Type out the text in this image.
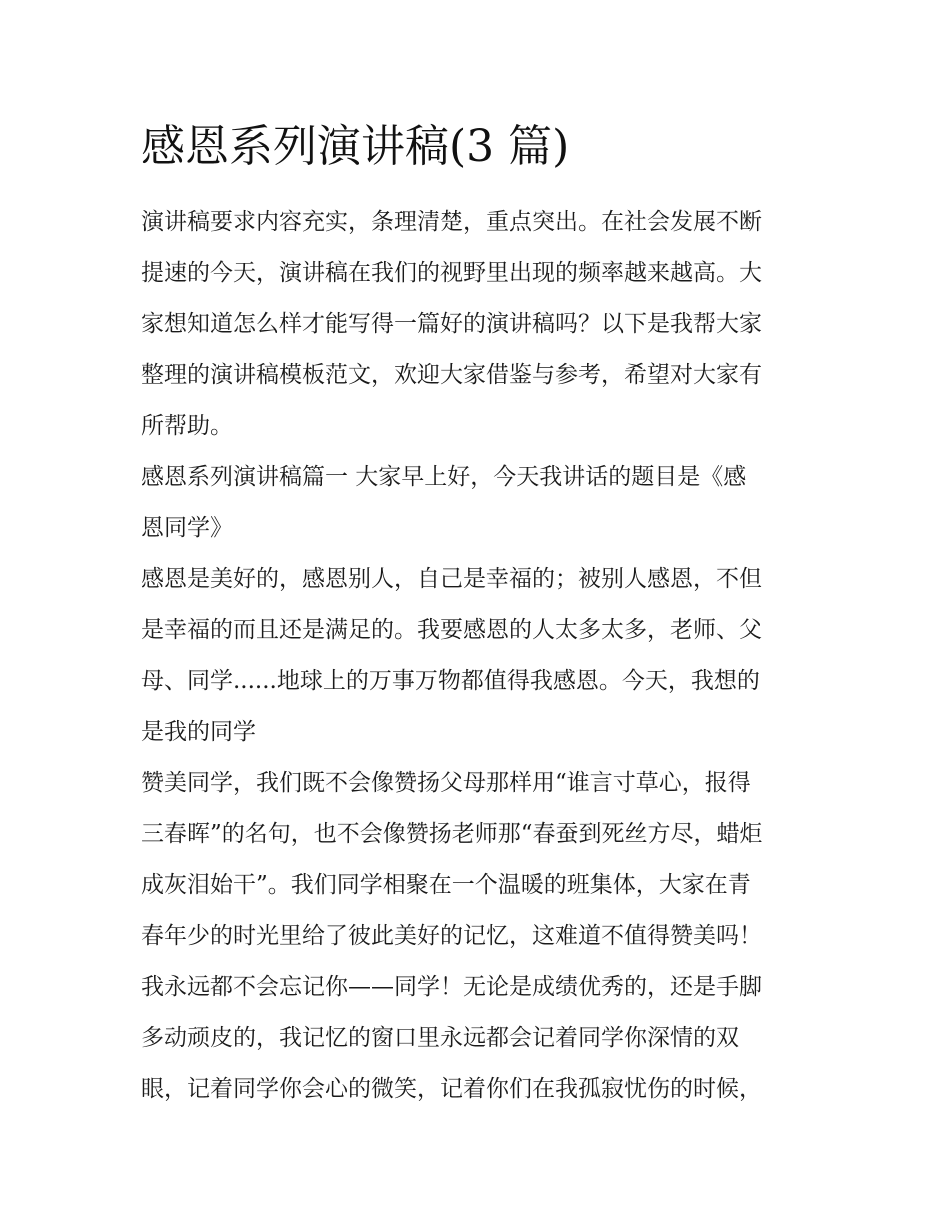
感恩系列演讲稿(3 篇)

演讲稿要求内容充实，条理清楚，重点突出。在社会发展不断
提速的今天，演讲稿在我们的视野里出现的频率越来越高。大
家想知道怎么样才能写得一篇好的演讲稿吗？以下是我帮大家
整理的演讲稿模板范文，欢迎大家借鉴与参考，希望对大家有
所帮助。

感恩系列演讲稿篇一 大家早上好，今天我讲话的题目是《感
恩同学》

感恩是美好的，感恩别人，自己是幸福的；被别人感恩，不但
是幸福的而且还是满足的。我要感恩的人太多太多，老师、父
母、同学......地球上的万事万物都值得我感恩。今天，我想的
是我的同学

赞美同学，我们既不会像赞扬父母那样用“谁言寸草心，报得
三春晖”的名句，也不会像赞扬老师那“春蚕到死丝方尽，蜡炬
成灰泪始干”。我们同学相聚在一个温暖的班集体，大家在青
春年少的时光里给了彼此美好的记忆，这难道不值得赞美吗！
我永远都不会忘记你——同学！无论是成绩优秀的，还是手脚
多动顽皮的，我记忆的窗口里永远都会记着同学你深情的双
眼，记着同学你会心的微笑，记着你们在我孤寂忧伤的时候，
